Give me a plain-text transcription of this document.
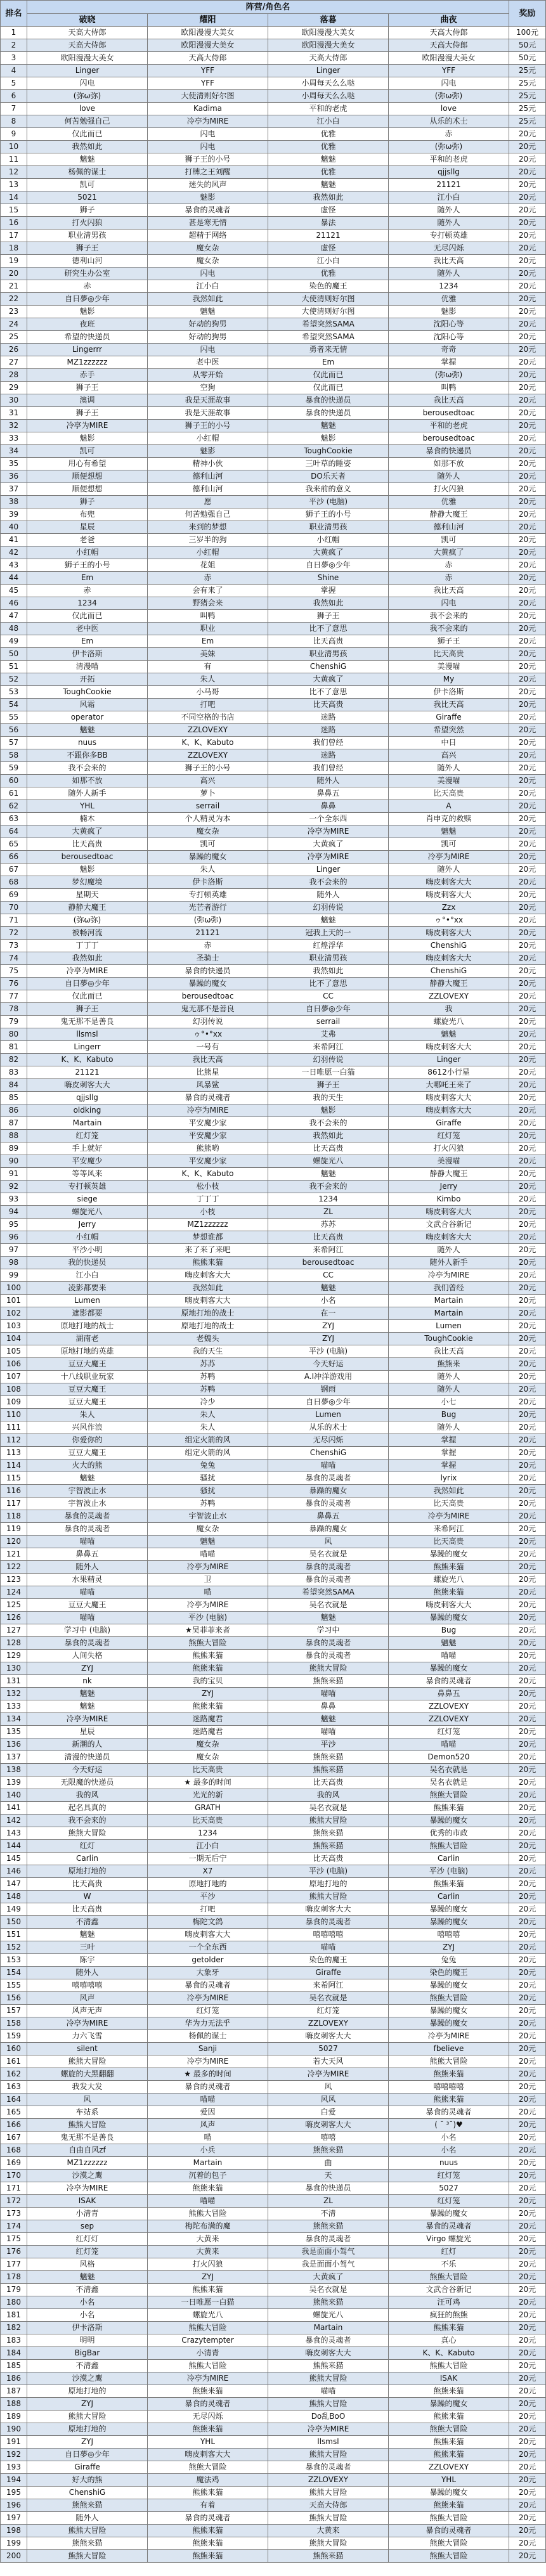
排名	阵营/角色名				奖励
	破晓	耀阳	落暮	曲夜	
1	天高大侍郎	欧阳漫漫大美女	欧阳漫漫大美女	天高大侍郎	100元
2	天高大侍郎	欧阳漫漫大美女	欧阳漫漫大美女	天高大侍郎	50元
3	欧阳漫漫大美女	天高大侍郎	天高大侍郎	欧阳漫漫大美女	50元
4	Linger	YFF	Linger	YFF	25元
5	闪电	YFF	小周每天么么哒	闪电	25元
6	(弥ω弥)	大使清则好尔图	小周每天么么哒	(弥ω弥)	25元
7	love	Kadima	平和的老虎	love	25元
8	何苦勉强自己	冷亭为MIRE	江小白	从乐的术士	25元
9	仅此而已	闪电	优雅	赤	20元
10	我然如此	闪电	优雅	(弥ω弥)	20元
11	魑魅	狮子王的小号	魑魅	平和的老虎	20元
12	杨佩的谋士	打牌之王刘醒	优雅	qjjsllg	20元
13	凯可	迷失的风声	魑魅	21121	20元
14	5021	魅影	我然如此	江小白	20元
15	狮子	暴食的灵魂者	虚怪	随外人	20元
16	打火闪狼	甚是寒无情	暴法	随外人	20元
17	职业清男孩	超精于网络	21121	专打顿英雄	20元
18	狮子王	魔女杂	虚怪	无尽闪烁	20元
19	德利山河	魔女杂	江小白	我比天高	20元
20	研究生办公室	闪电	优雅	随外人	20元
21	赤	江小白	染色的魔王	1234	20元
22	自日夢◎少年	我然如此	大使清则好尔图	优雅	20元
23	魅影	魑魅	大使清则好尔图	魅影	20元
24	夜班	好动的狗男	希望突然SAMA	沈阳心等	20元
25	希望的快递员	好动的狗男	希望突然SAMA	沈阳心等	20元
26	Lingerrr	闪电	勇者来无情	奇奇	20元
27	MZ1zzzzzz	老中医	Em	掌握	20元
28	赤手	从零开始	仅此而已	(弥ω弥)	20元
29	狮子王	空狗	仅此而已	叫鸭	20元
30	澳调	我是天涯故事	暴食的快递员	我比天高	20元
31	狮子王	我是天涯故事	暴食的快递员	berousedtoac	20元
32	冷亭为MIRE	狮子王的小号	魑魅	平和的老虎	20元
33	魅影	小红帽	魅影	berousedtoac	20元
34	凯可	魅影	ToughCookie	暴食的快递员	20元
35	用心有希望	精神小伙	三叶草的睡姿	如那不放	20元
36	顺便想想	德利山河	DO乐天者	随外人	20元
37	顺便想想	德利山河	我来前的意义	打火闪狼	20元
38	狮子	愿	平沙 (电脑)	优雅	20元
39	布兜	何苦勉强自己	狮子王的小号	静静大魔王	20元
40	星辰	来到的梦想	职业清男孩	德利山河	20元
41	老爸	三岁半的狗	小红帽	凯可	20元
42	小红帽	小红帽	大黄疯了	大黄疯了	20元
43	狮子王的小号	花姐	自日夢◎少年	赤	20元
44	Em	赤	Shine	赤	20元
45	赤	会有来了	掌握	我比天高	20元
46	1234	野猪会来	我然如此	闪电	20元
47	仅此而已	叫鸭	狮子王	我不会来的	20元
48	老中医	职业	比不了意思	我不会来的	20元
49	Em	Em	比天高贵	狮子王	20元
50	伊卡洛斯	美妹	职业清男孩	比天高贵	20元
51	清漫喵	有	ChenshiG	美漫喵	20元
52	开拓	朱人	大黄疯了	My	20元
53	ToughCookie	小马哥	比不了意思	伊卡洛斯	20元
54	风霜	打吧	比天高贵	我比天高	20元
55	operator	不同空格的书店	迷路	Giraffe	20元
56	魑魅	ZZLOVEXY	迷路	希望突然	20元
57	nuus	K、K、Kabuto	我们曾经	中日	20元
58	不跟你多BB	ZZLOVEXY	迷路	高兴	20元
59	我不会来的	狮子王的小号	我们曾经	随外人	20元
60	如那不放	高兴	随外人	美漫喵	20元
61	随外人新手	萝卜	鼻鼻五	比天高贵	20元
62	YHL	serrail	鼻鼻	A	20元
63	楠木	个人精灵为本	一个全东西	肖申克的救赎	20元
64	大黄疯了	魔女杂	冷亭为MIRE	魑魅	20元
65	比天高贵	凯可	大黄疯了	凯可	20元
66	berousedtoac	暴躁的魔女	冷亭为MIRE	冷亭为MIRE	20元
67	魅影	朱人	Linger	随外人	20元
68	梦幻魔境	伊卡洛斯	我不会来的	嗨皮刺客大大	20元
69	星期天	专打顿英雄	随外人	嗨皮刺客大大	20元
70	静静大魔王	光芒者游行	幻羽传说	Zzx	20元
71	(弥ω弥)	(弥ω弥)	魑魅	ゥ°•°xx	20元
72	被畅河流	21121	冠我上天的一	嗨皮刺客大大	20元
73	丁丁丁	赤	红煌浮华	ChenshiG	20元
74	我然如此	圣骑士	职业清男孩	嗨皮刺客大大	20元
75	冷亭为MIRE	暴食的快递员	我然如此	ChenshiG	20元
76	自日夢◎少年	暴躁的魔女	比不了意思	静静大魔王	20元
77	仅此而已	berousedtoac	CC	ZZLOVEXY	20元
78	狮子王	鬼无那不是善良	自日夢◎少年	我	20元
79	鬼无那不是善良	幻羽传说	serrail	螺旋光八	20元
80	llsmsl	ゥ°•°xx	艾弗	魑魅	20元
81	Lingerr	一号有	来希阿江	嗨皮刺客大大	20元
82	K、K、Kabuto	我比天高	幻羽传说	Linger	20元
83	21121	比熊星	一日唯愿一白猫	8612小行星	20元
84	嗨皮刺客大大	风暴鲨	狮子王	大哪吒王来了	20元
85	qjjsllg	暴食的灵魂者	我的天生	嗨皮刺客大大	20元
86	oldking	冷亭为MIRE	魅影	嗨皮刺客大大	20元
87	Martain	平安魔少家	我不会来的	Giraffe	20元
88	红灯笼	平安魔少家	我然如此	红灯笼	20元
89	手上就好	熊熊哟	比天高贵	打火闪狼	20元
90	平安魔少	平安魔少家	螺旋光八	美漫喵	20元
91	等等风来	K、K、Kabuto	魑魅	静静大魔王	20元
92	专打顿英雄	松小枝	我不会来的	Jerry	20元
93	siege	丁丁丁	1234	Kimbo	20元
94	螺旋光八	小枝	ZL	嗨皮刺客大大	20元
95	Jerry	MZ1zzzzzz	苏苏	文武合谷新记	20元
96	小红帽	梦想谁都	比天高贵	嗨皮刺客大大	20元
97	平沙小明	来了来了来吧	来希阿江	随外人	20元
98	我的快递员	熊熊来猫	berousedtoac	随外人新手	20元
99	江小白	嗨皮刺客大大	CC	冷亭为MIRE	20元
100	凌影都要来	我然如此	魑魅	我们曾经	20元
101	Lumen	嗨皮刺客大大	小名	Martain	20元
102	遮影都要	原地打地的战士	在一	Martain	20元
103	原地打地的战士	原地打地的战士	ZYJ	Lumen	20元
104	湖南老	老魏头	ZYJ	ToughCookie	20元
105	原地打地的英雄	我的天生	平沙 (电脑)	我比天高	20元
106	豆豆大魔王	苏苏	今天好运	熊熊来	20元
107	十八线职业玩家	苏鸭	A.I冲洋游戏用	随外人	20元
108	豆豆大魔王	苏鸭	钢雨	随外人	20元
109	豆豆大魔王	冷少	自日夢◎少年	小七	20元
110	朱人	朱人	Lumen	Bug	20元
111	兴风作浪	朱人	从乐的术士	随外人	20元
112	你爱你的	组定火箭的风	无尽闪烁	掌握	20元
113	豆豆大魔王	组定火箭的风	ChenshiG	掌握	20元
114	火大的熊	兔兔	喵喵	掌握	20元
115	魑魅	骚扰	暴食的灵魂者	lyrix	20元
116	宇智波止水	骚扰	暴躁的魔女	我然如此	20元
117	宇智波止水	苏鸭	暴食的灵魂者	比天高贵	20元
118	暴食的灵魂者	宇智波止水	鼻鼻五	冷亭为MIRE	20元
119	暴食的灵魂者	魔女杂	暴躁的魔女	来希阿江	20元
120	喵喵	魑魅	风	比天高贵	20元
121	鼻鼻五	喵喵	吴名衣就是	暴躁的魔女	20元
122	随外人	冷亭为MIRE	暴食的灵魂者	熊熊来猫	20元
123	水果精灵	卫	暴食的灵魂者	螺旋光八	20元
124	喵喵	喵	希望突然SAMA	熊熊来猫	20元
125	豆豆大魔王	冷亭为MIRE	吴名衣就是	嗨皮刺客大大	20元
126	喵喵	平沙 (电脑)	魑魅	暴躁的魔女	20元
127	学习中 (电脑)	★吴菲菲来者	学习中	Bug	20元
128	暴食的灵魂者	熊熊大冒险	暴食的灵魂者	魑魅	20元
129	人间失格	熊熊来猫	暴食的灵魂者	喵喵	20元
130	ZYJ	熊熊来猫	熊熊大冒险	暴躁的魔女	20元
131	nk	我的宝贝	熊熊来猫	暴食的灵魂者	20元
132	魑魅	ZYJ	喵喵	鼻鼻五	20元
133	魑魅	熊熊来猫	鼻鼻	ZZLOVEXY	20元
134	冷亭为MIRE	迷路魔君	魑魅	ZZLOVEXY	20元
135	星辰	迷路魔君	喵喵	红灯笼	20元
136	新潮的人	魔女杂	平沙	喵喵	20元
137	清漫的快递员	魔女杂	熊熊来猫	Demon520	20元
138	今天好运	比天高贵	熊熊来猫	吴名衣就是	20元
139	无限魔的快递员	★ 最多的时间	比天高贵	吴名衣就是	20元
140	我的风	光光的新	我的风	熊熊大冒险	20元
141	起名具真的	GRATH	吴名衣就是	熊熊来猫	20元
142	我不会来的	比天高贵	熊熊大冒险	暴躁的魔女	20元
143	熊熊大冒险	1234	熊熊来猫	优秀的市政	20元
144	红灯	江小白	熊熊来猫	熊熊大冒险	20元
145	Carlin	一期无后宁	比天高贵	Carlin	20元
146	原地打地的	X7	平沙 (电脑)	平沙 (电脑)	20元
147	比天高贵	原地打地的	原地打地的	熊熊来猫	20元
148	W	平沙	熊熊大冒险	Carlin	20元
149	比天高贵	打吧	嗨皮刺客大大	暴躁的魔女	20元
150	不清鑫	梅陀文鸽	暴食的灵魂者	暴躁的魔女	20元
151	魑魅	嗨皮刺客大大	嘻嘻嘻嘻	嘻嘻嘻	20元
152	三叶	一个全东西	喵喵	ZYJ	20元
153	陈宇	getolder	染色的魔王	兔兔	20元
154	随外人	大象牙	Giraffe	染色的魔王	20元
155	嘻嘻嘻嘻	暴食的灵魂者	来希阿江	暴躁的魔女	20元
156	风声	冷亭为MIRE	吴名衣就是	熊熊大冒险	20元
157	风声无声	红灯笼	红灯笼	暴躁的魔女	20元
158	冷亭为MIRE	华为力无法乎	ZZLOVEXY	暴躁的魔女	20元
159	力六飞雪	杨佩的谋士	嗨皮刺客大大	冷亭为MIRE	20元
160	silent	Sanji	5027	fbelieve	20元
161	熊熊大冒险	冷亭为MIRE	若大天风	熊熊大冒险	20元
162	螺旋的大黑翻翻	★ 最多的时间	冷亭为MIRE	熊熊来猫	20元
163	我发大发	暴食的灵魂者	风	嘻嘻嘻嘻	20元
164	风	喵喵	风风	熊熊来猫	20元
165	车站系	爱因	白爱	暴食的灵魂者	20元
166	熊熊大冒险	风声	嗨皮刺客大大	( ˘ ³˘)♥	20元
167	鬼无那不是善良	喵	嘻嘻	小名	20元
168	自由自风zf	小兵	熊熊来猫	小名	20元
169	MZ1zzzzzz	Martain	曲	nuus	20元
170	沙漠之鹰	沉着的包子	天	红灯笼	20元
171	冷亭为MIRE	熊熊来猫	暴食的快递员	5027	20元
172	ISAK	喵喵	ZL	红灯笼	20元
173	小清青	熊熊大冒险	不清	暴躁的魔女	20元
174	sep	梅陀布满的魔	熊熊来猫	暴食的灵魂者	20元
175	红灯灯	大黄来	暴食的灵魂者	Virgo 螺旋光	20元
176	红灯笼	大黄来	我是面面小驾气	红灯	20元
177	风格	打火闪狼	我是面面小驾气	不乐	20元
178	魑魅	ZYJ	大黄疯了	熊熊大冒险	20元
179	不清鑫	熊熊来猫	吴名衣就是	文武合谷新记	20元
180	小名	一日唯愿一白猫	熊熊来猫	汪可鸡	20元
181	小名	螺旋光八	螺旋光八	疯狂的熊熊	20元
182	伊卡洛斯	熊熊大冒险	Martain	熊熊来猫	20元
183	明明	Crazytempter	暴食的灵魂者	真心	20元
184	BigBar	小清青	嗨皮刺客大大	K、K、Kabuto	20元
185	不清鑫	熊熊大冒险	熊熊来猫	熊熊大冒险	20元
186	沙漠之鹰	冷亭为MIRE	熊熊大冒险	ISAK	20元
187	原地打地的	熊熊来猫	喵喵	熊熊来猫	20元
188	ZYJ	暴食的灵魂者	熊熊大冒险	暴躁的魔女	20元
189	熊熊大冒险	无尽闪烁	Do乱BoO	熊熊来猫	20元
190	原地打地的	熊熊来猫	冷亭为MIRE	熊熊大冒险	20元
191	ZYJ	YHL	llsmsl	熊熊来猫	20元
192	自日夢◎少年	嗨皮刺客大大	熊熊大冒险	熊熊来猫	20元
193	Giraffe	熊熊大冒险	暴食的灵魂者	ZZLOVEXY	20元
194	好大的熊	魔法鸡	ZZLOVEXY	YHL	20元
195	ChenshiG	熊熊来猫	熊熊大冒险	暴躁的魔女	20元
196	熊熊来猫	有着	天高大侍郎	熊熊来猫	20元
197	随外人	暴食的灵魂者	熊熊大冒险	熊熊大冒险	20元
198	熊熊大冒险	熊熊来猫	大黄来	暴食的灵魂者	20元
199	熊熊来猫	熊熊来猫	熊熊大冒险	熊熊大冒险	20元
200	熊熊大冒险	熊熊来猫	熊熊来猫	熊熊大冒险	20元
